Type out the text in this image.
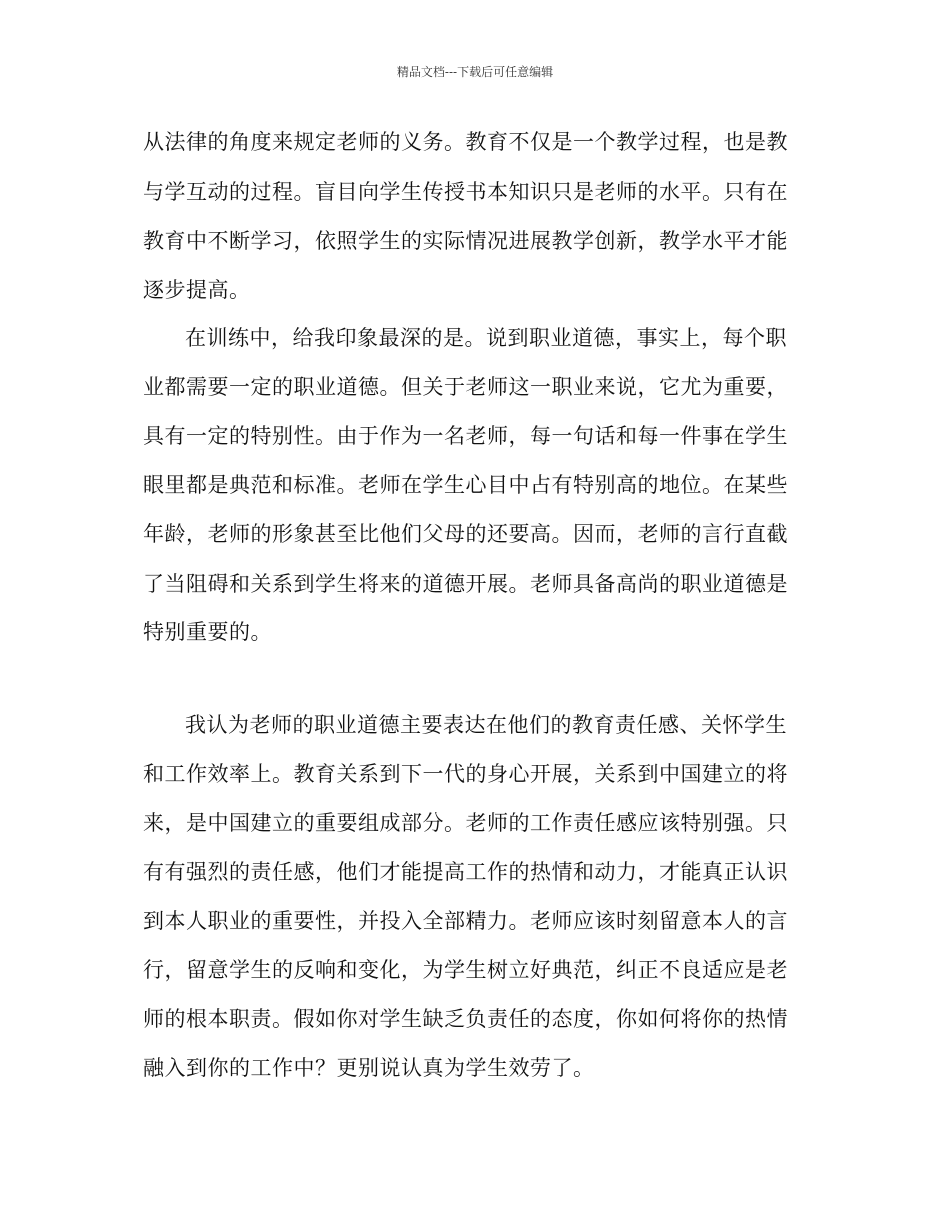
精品文档---下载后可任意编辑
从法律的角度来规定老师的义务。教育不仅是一个教学过程，也是教
与学互动的过程。盲目向学生传授书本知识只是老师的水平。只有在
教育中不断学习，依照学生的实际情况进展教学创新，教学水平才能
逐步提高。
在训练中，给我印象最深的是。说到职业道德，事实上，每个职
业都需要一定的职业道德。但关于老师这一职业来说，它尤为重要，
具有一定的特别性。由于作为一名老师，每一句话和每一件事在学生
眼里都是典范和标准。老师在学生心目中占有特别高的地位。在某些
年龄，老师的形象甚至比他们父母的还要高。因而，老师的言行直截
了当阻碍和关系到学生将来的道德开展。老师具备高尚的职业道德是
特别重要的。
我认为老师的职业道德主要表达在他们的教育责任感、关怀学生
和工作效率上。教育关系到下一代的身心开展，关系到中国建立的将
来，是中国建立的重要组成部分。老师的工作责任感应该特别强。只
有有强烈的责任感，他们才能提高工作的热情和动力，才能真正认识
到本人职业的重要性，并投入全部精力。老师应该时刻留意本人的言
行，留意学生的反响和变化，为学生树立好典范，纠正不良适应是老
师的根本职责。假如你对学生缺乏负责任的态度，你如何将你的热情
融入到你的工作中？更别说认真为学生效劳了。
